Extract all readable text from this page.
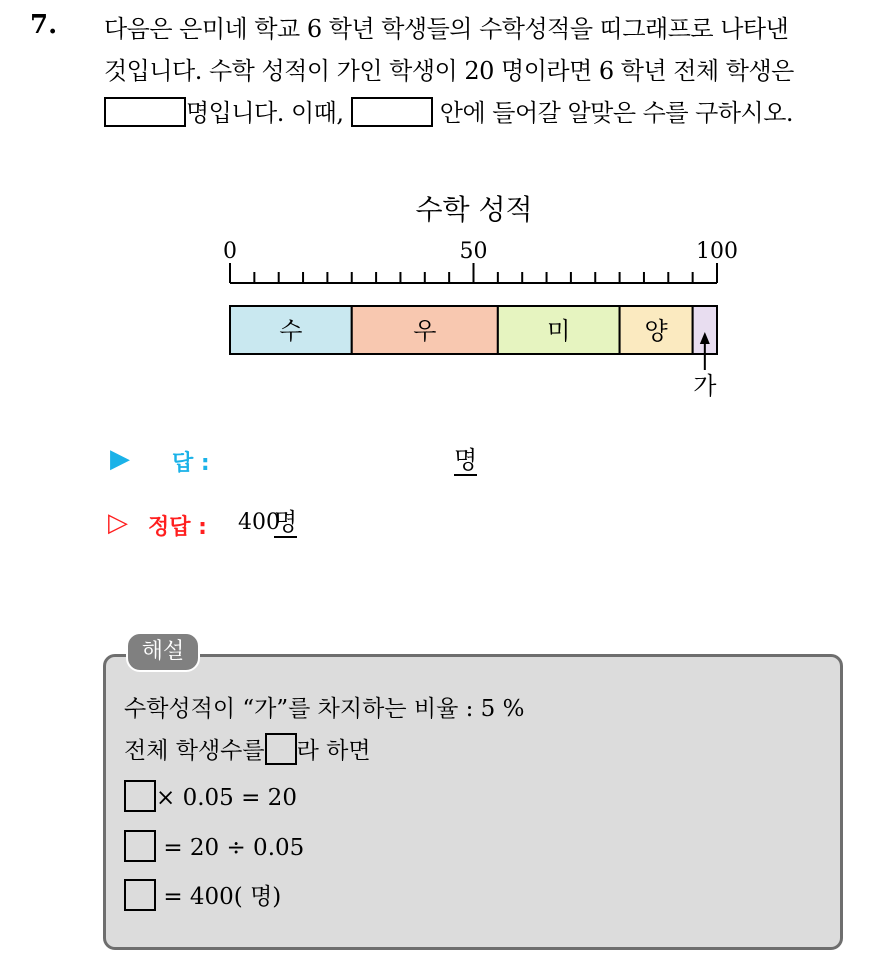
7. 다음은 은미네 학교 6 학년 학생들의 수학성적을 띠그래프로 나타낸
것입니다. 수학 성적이 가인 학생이 20 명이라면 6 학년 전체 학생은
명입니다. 이때,	안에 들어갈 알맞은 수를 구하시오.
수학 성적
0	50	100
수	우	미	양
가
▶ 답 :	명
▷ 정답 : 400
명
해설
수학성적이 “가”를 차지하는 비율 : 5 %
전체 학생수를 라 하면
× 0.05 = 20
= 20 ÷ 0.05
= 400( 명)
